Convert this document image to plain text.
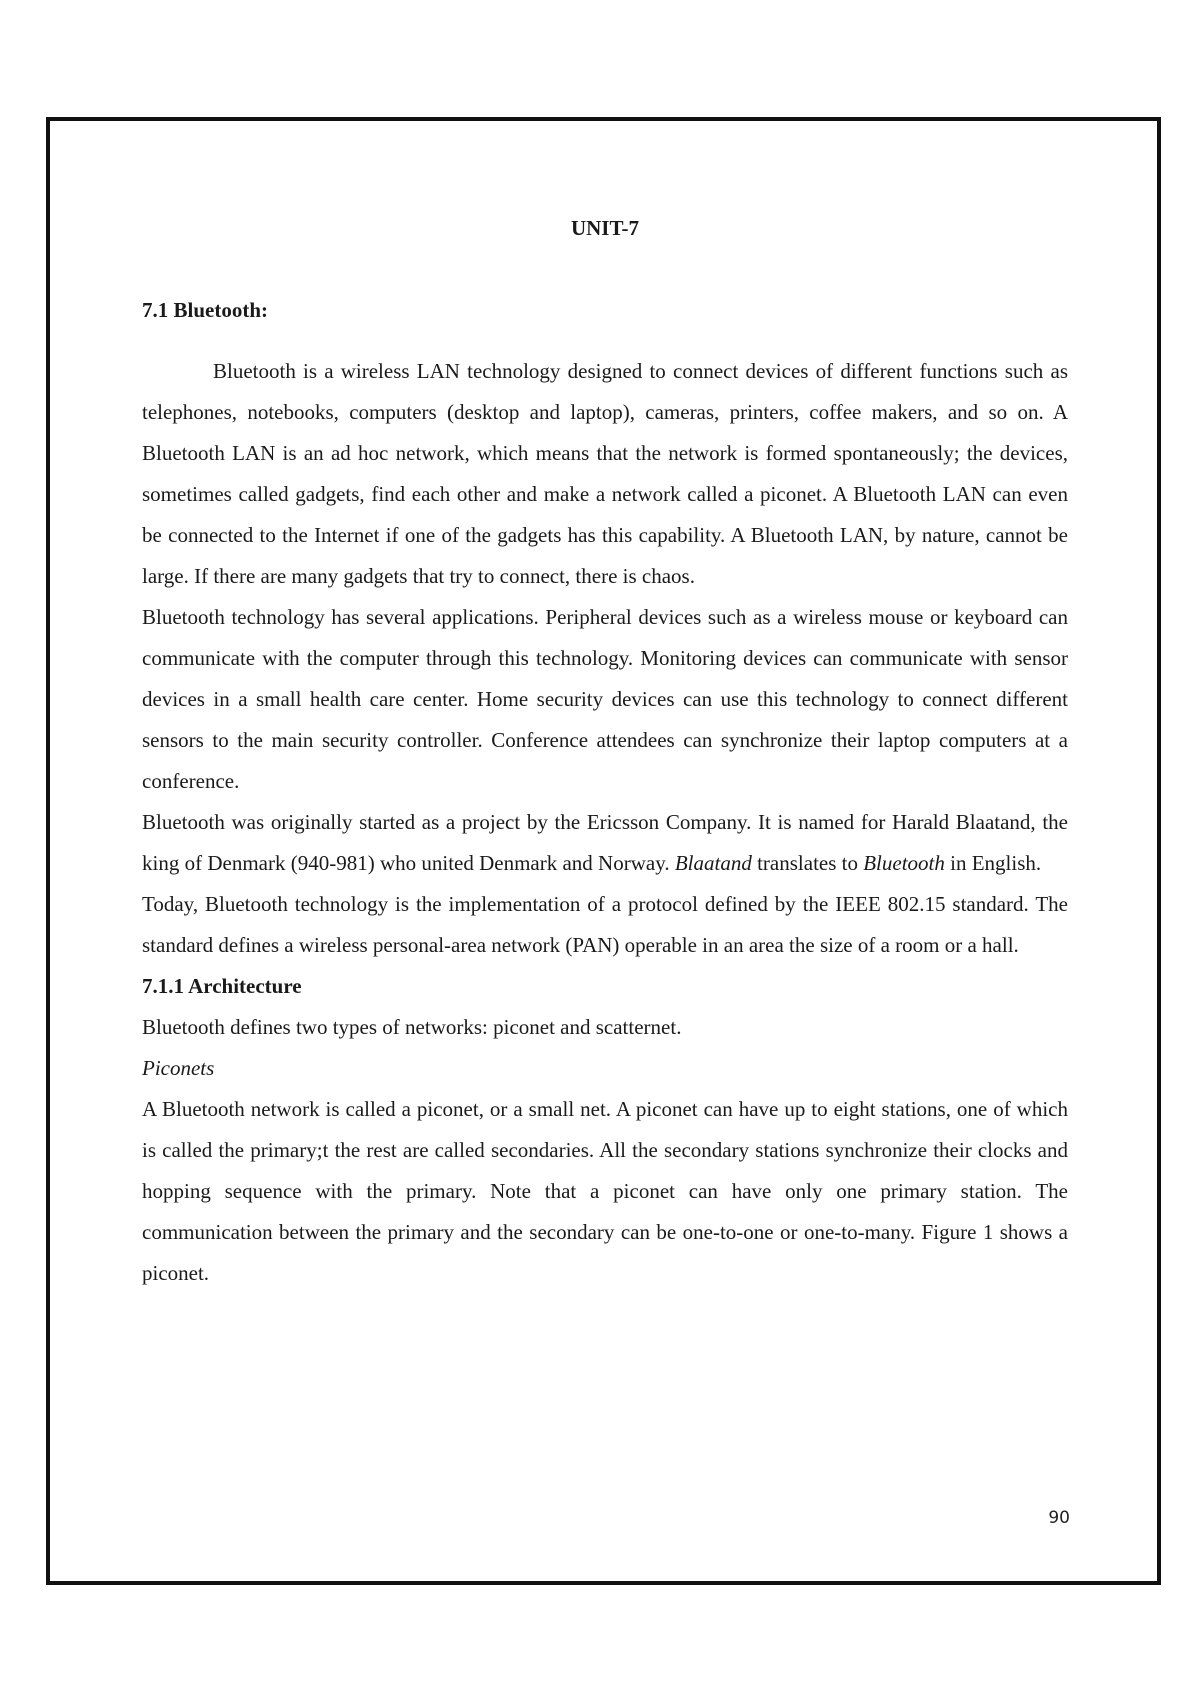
UNIT-7
7.1 Bluetooth:

Bluetooth is a wireless LAN technology designed to connect devices of different functions such as telephones, notebooks, computers (desktop and laptop), cameras, printers, coffee makers, and so on. A Bluetooth LAN is an ad hoc network, which means that the network is formed spontaneously; the devices, sometimes called gadgets, find each other and make a network called a piconet. A Bluetooth LAN can even be connected to the Internet if one of the gadgets has this capability. A Bluetooth LAN, by nature, cannot be large. If there are many gadgets that try to connect, there is chaos.

Bluetooth technology has several applications. Peripheral devices such as a wireless mouse or keyboard can communicate with the computer through this technology. Monitoring devices can communicate with sensor devices in a small health care center. Home security devices can use this technology to connect different sensors to the main security controller. Conference attendees can synchronize their laptop computers at a conference.

Bluetooth was originally started as a project by the Ericsson Company. It is named for Harald Blaatand, the king of Denmark (940-981) who united Denmark and Norway. Blaatand translates to Bluetooth in English.

Today, Bluetooth technology is the implementation of a protocol defined by the IEEE 802.15 standard. The standard defines a wireless personal-area network (PAN) operable in an area the size of a room or a hall.

7.1.1 Architecture

Bluetooth defines two types of networks: piconet and scatternet.

Piconets

A Bluetooth network is called a piconet, or a small net. A piconet can have up to eight stations, one of which is called the primary;t the rest are called secondaries. All the secondary stations synchronize their clocks and hopping sequence with the primary. Note that a piconet can have only one primary station. The communication between the primary and the secondary can be one-to-one or one-to-many. Figure 1 shows a piconet.

90
